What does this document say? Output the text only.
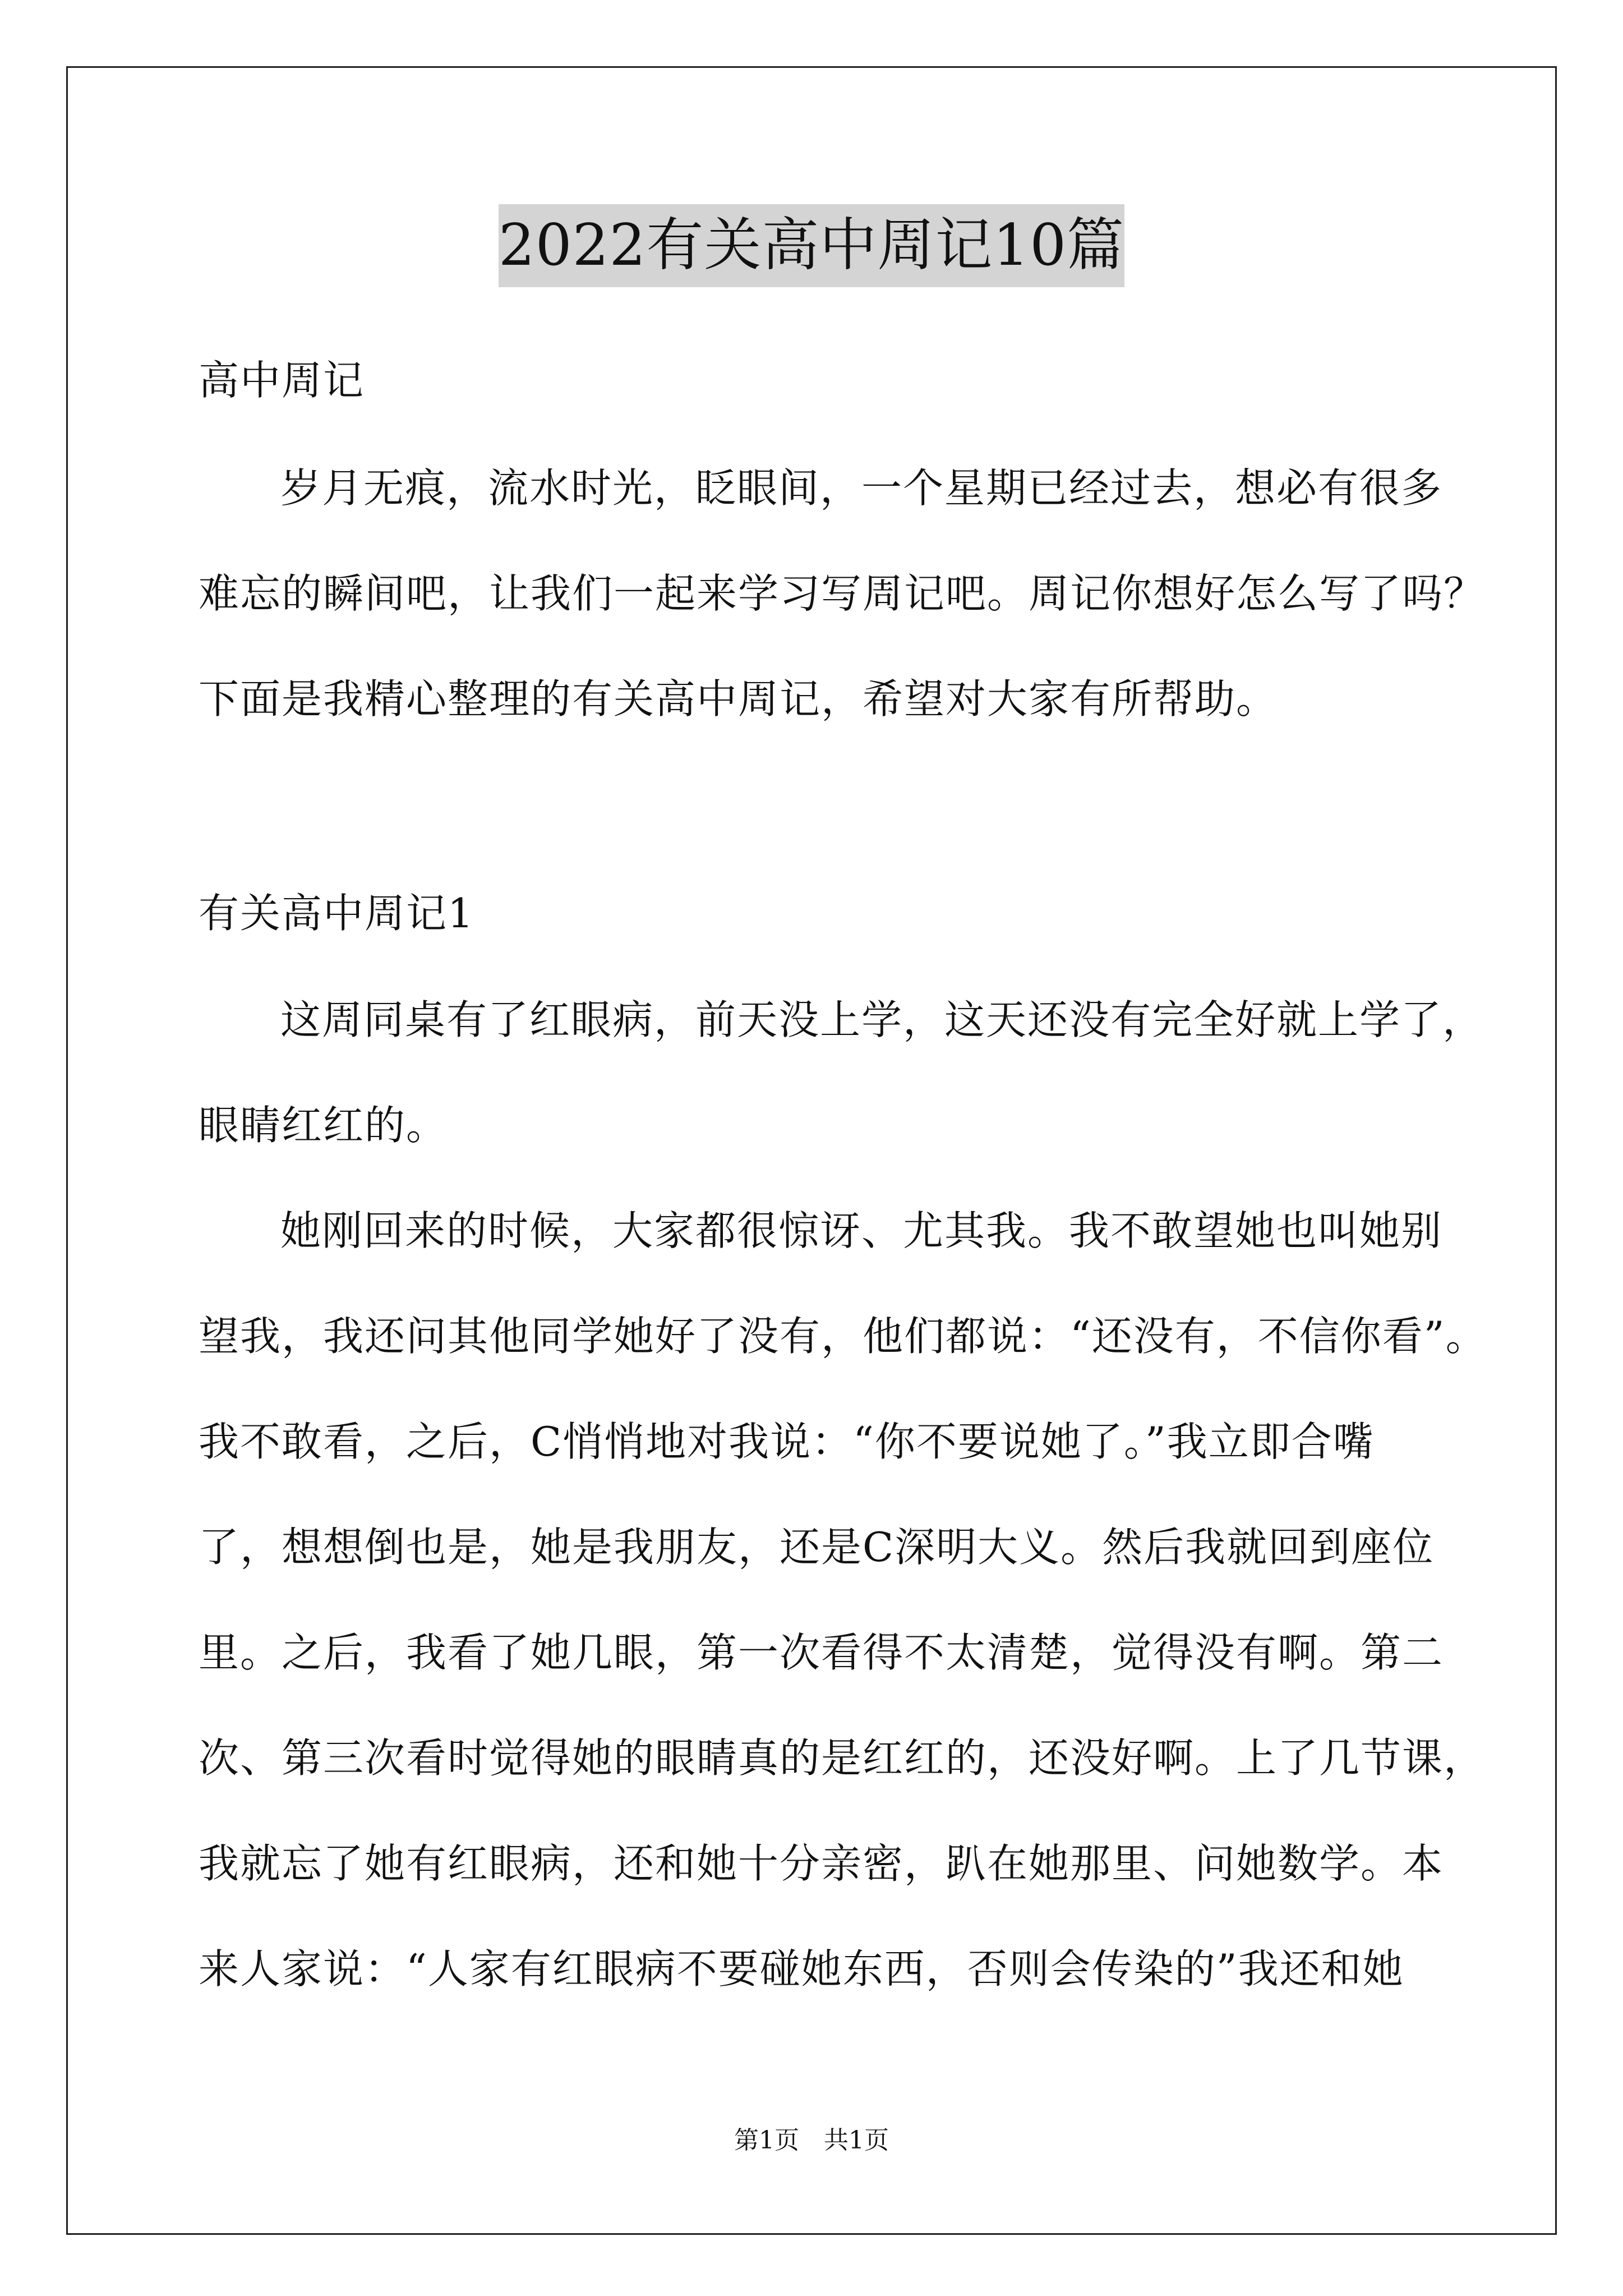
2022有关高中周记10篇
高中周记
岁月无痕，流水时光，眨眼间，一个星期已经过去，想必有很多
难忘的瞬间吧，让我们一起来学习写周记吧。周记你想好怎么写了吗？
下面是我精心整理的有关高中周记，希望对大家有所帮助。
有关高中周记1
这周同桌有了红眼病，前天没上学，这天还没有完全好就上学了，
眼睛红红的。
她刚回来的时候，大家都很惊讶、尤其我。我不敢望她也叫她别
望我，我还问其他同学她好了没有，他们都说：“还没有，不信你看”。
我不敢看，之后，C悄悄地对我说：“你不要说她了。”我立即合嘴
了，想想倒也是，她是我朋友，还是C深明大义。然后我就回到座位
里。之后，我看了她几眼，第一次看得不太清楚，觉得没有啊。第二
次、第三次看时觉得她的眼睛真的是红红的，还没好啊。上了几节课，
我就忘了她有红眼病，还和她十分亲密，趴在她那里、问她数学。本
来人家说：“人家有红眼病不要碰她东西，否则会传染的”我还和她
第1页　共1页
